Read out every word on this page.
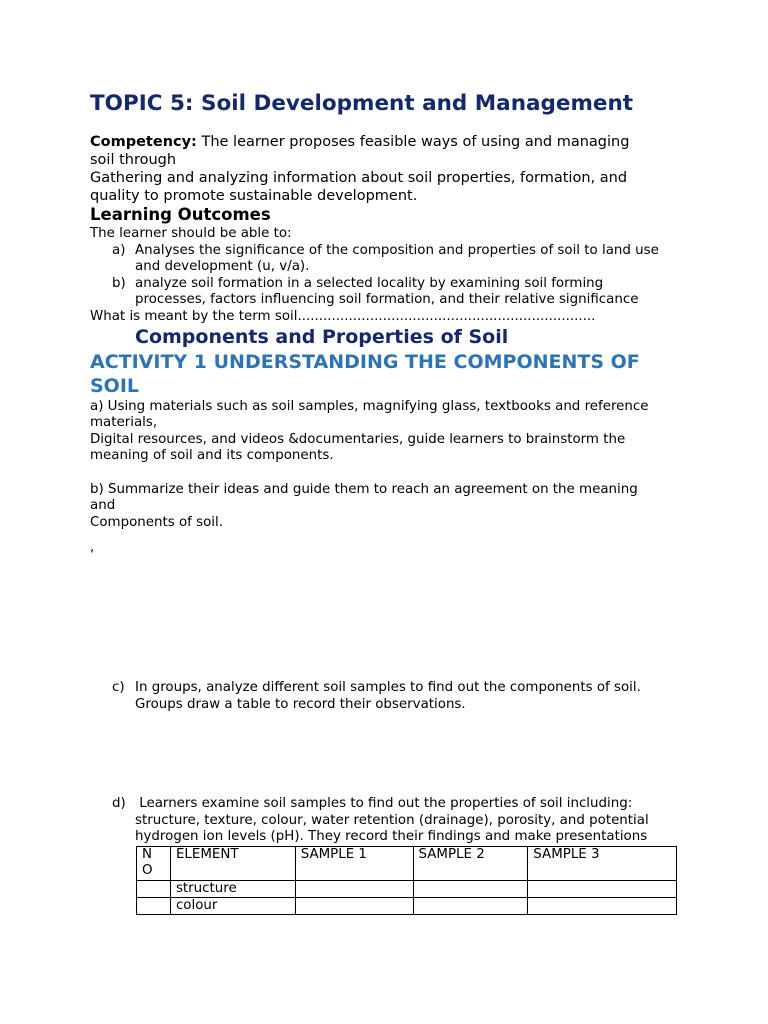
TOPIC 5: Soil Development and Management
Competency: The learner proposes feasible ways of using and managing
soil through
Gathering and analyzing information about soil properties, formation, and
quality to promote sustainable development.
Learning Outcomes
The learner should be able to:
a) Analyses the significance of the composition and properties of soil to land use
and development (u, v/a).
b) analyze soil formation in a selected locality by examining soil forming
processes, factors influencing soil formation, and their relative significance
What is meant by the term soil......................................................................
Components and Properties of Soil
ACTIVITY 1 UNDERSTANDING THE COMPONENTS OF
SOIL
a) Using materials such as soil samples, magnifying glass, textbooks and reference
materials,
Digital resources, and videos &documentaries, guide learners to brainstorm the
meaning of soil and its components.
b) Summarize their ideas and guide them to reach an agreement on the meaning
and
Components of soil.
,
c) In groups, analyze different soil samples to find out the components of soil.
Groups draw a table to record their observations.
d) Learners examine soil samples to find out the properties of soil including:
structure, texture, colour, water retention (drainage), porosity, and potential
hydrogen ion levels (pH). They record their findings and make presentations
N
O	ELEMENT	SAMPLE 1	SAMPLE 2	SAMPLE 3
	structure			
	colour			
